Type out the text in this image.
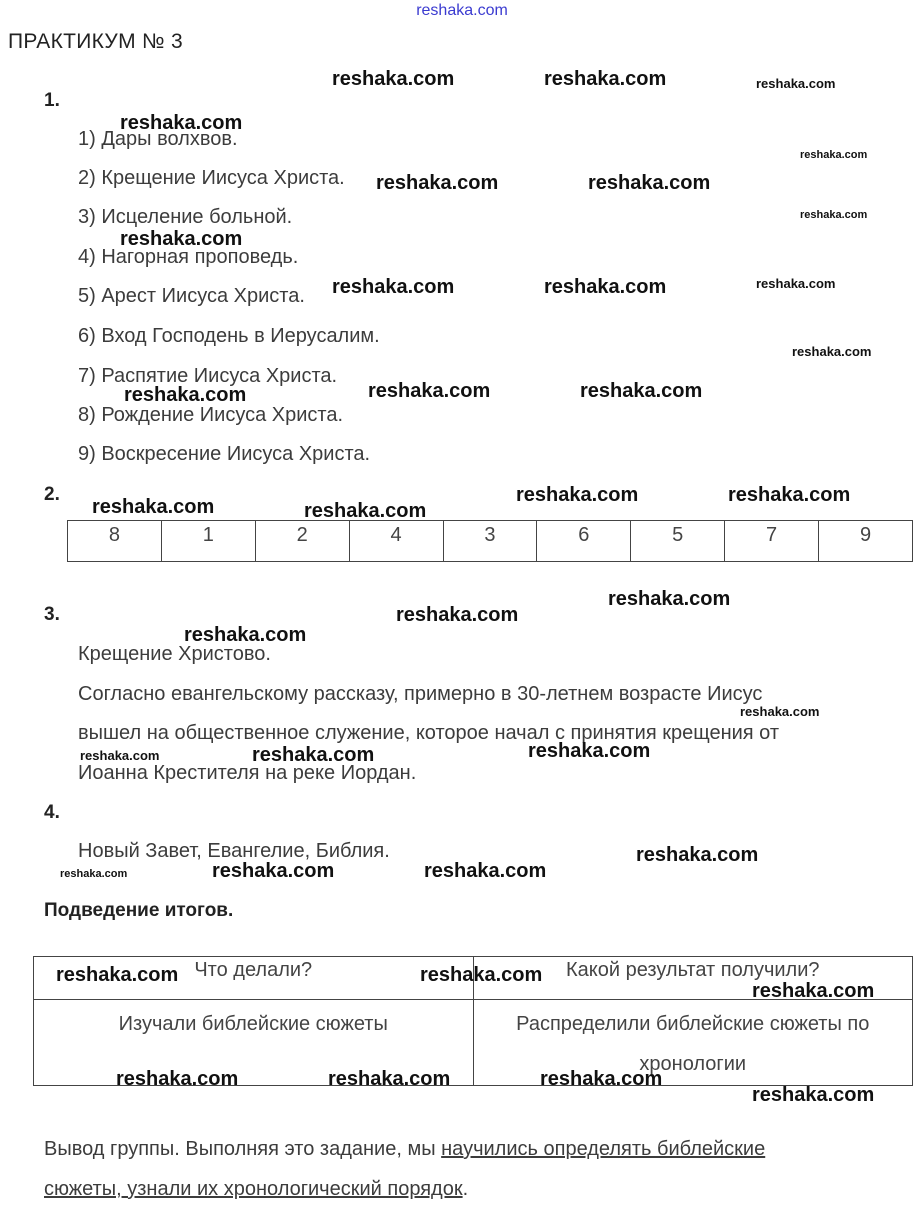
reshaka.com
ПРАКТИКУМ № 3
1.
1) Дары волхвов.
2) Крещение Иисуса Христа.
3) Исцеление больной.
4) Нагорная проповедь.
5) Арест Иисуса Христа.
6) Вход Господень в Иерусалим.
7) Распятие Иисуса Христа.
8) Рождение Иисуса Христа.
9) Воскресение Иисуса Христа.
2.
8	1	2	4	3	6	5	7	9
3.
Крещение Христово.
Согласно евангельскому рассказу, примерно в 30-летнем возрасте Иисус
вышел на общественное служение, которое начал с принятия крещения от
Иоанна Крестителя на реке Иордан.
4.
Новый Завет, Евангелие, Библия.
Подведение итогов.
Что делали?	Какой результат получили?
Изучали библейские сюжеты	Распределили библейские сюжеты по
хронологии
Вывод группы. Выполняя это задание, мы научились определять библейские
сюжеты, узнали их хронологический порядок.
reshaka.com	reshaka.com	reshaka.com
reshaka.com
reshaka.com
reshaka.com	reshaka.com
reshaka.com
reshaka.com
reshaka.com	reshaka.com	reshaka.com
reshaka.com
reshaka.com	reshaka.com
reshaka.com
reshaka.com	reshaka.com
reshaka.com	reshaka.com
reshaka.com
reshaka.com
reshaka.com
reshaka.com
reshaka.com
reshaka.com
reshaka.com
reshaka.com
reshaka.com	reshaka.com
reshaka.com
reshaka.com	reshaka.com
reshaka.com
reshaka.com	reshaka.com	reshaka.com
reshaka.com
